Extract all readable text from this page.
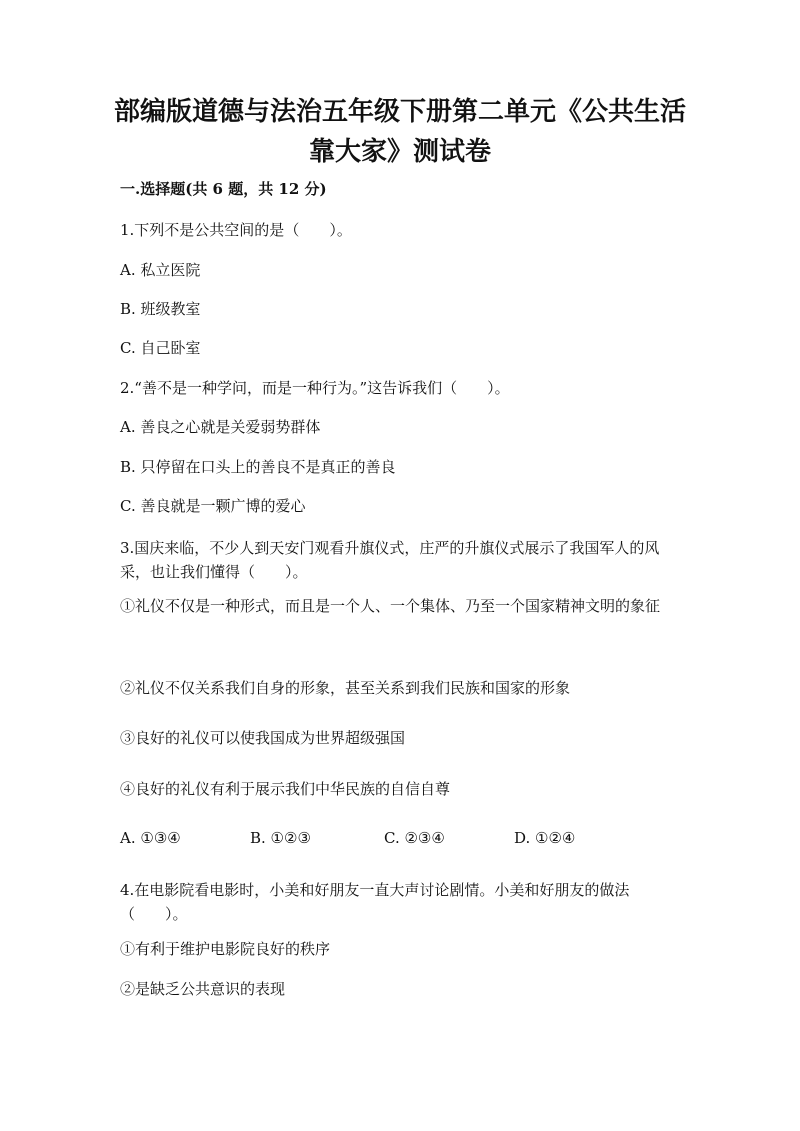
部编版道德与法治五年级下册第二单元《公共生活
靠大家》测试卷
一.选择题(共 6 题，共 12 分)
1.下列不是公共空间的是（　　）。
A. 私立医院
B. 班级教室
C. 自己卧室
2.“善不是一种学问，而是一种行为。”这告诉我们（　　）。
A. 善良之心就是关爱弱势群体
B. 只停留在口头上的善良不是真正的善良
C. 善良就是一颗广博的爱心
3.国庆来临，不少人到天安门观看升旗仪式，庄严的升旗仪式展示了我国军人的风采，也让我们懂得（　　）。
①礼仪不仅是一种形式，而且是一个人、一个集体、乃至一个国家精神文明的象征
②礼仪不仅关系我们自身的形象，甚至关系到我们民族和国家的形象
③良好的礼仪可以使我国成为世界超级强国
④良好的礼仪有利于展示我们中华民族的自信自尊
A. ①③④	B. ①②③	C. ②③④	D. ①②④
4.在电影院看电影时，小美和好朋友一直大声讨论剧情。小美和好朋友的做法（　　）。
①有利于维护电影院良好的秩序
②是缺乏公共意识的表现
